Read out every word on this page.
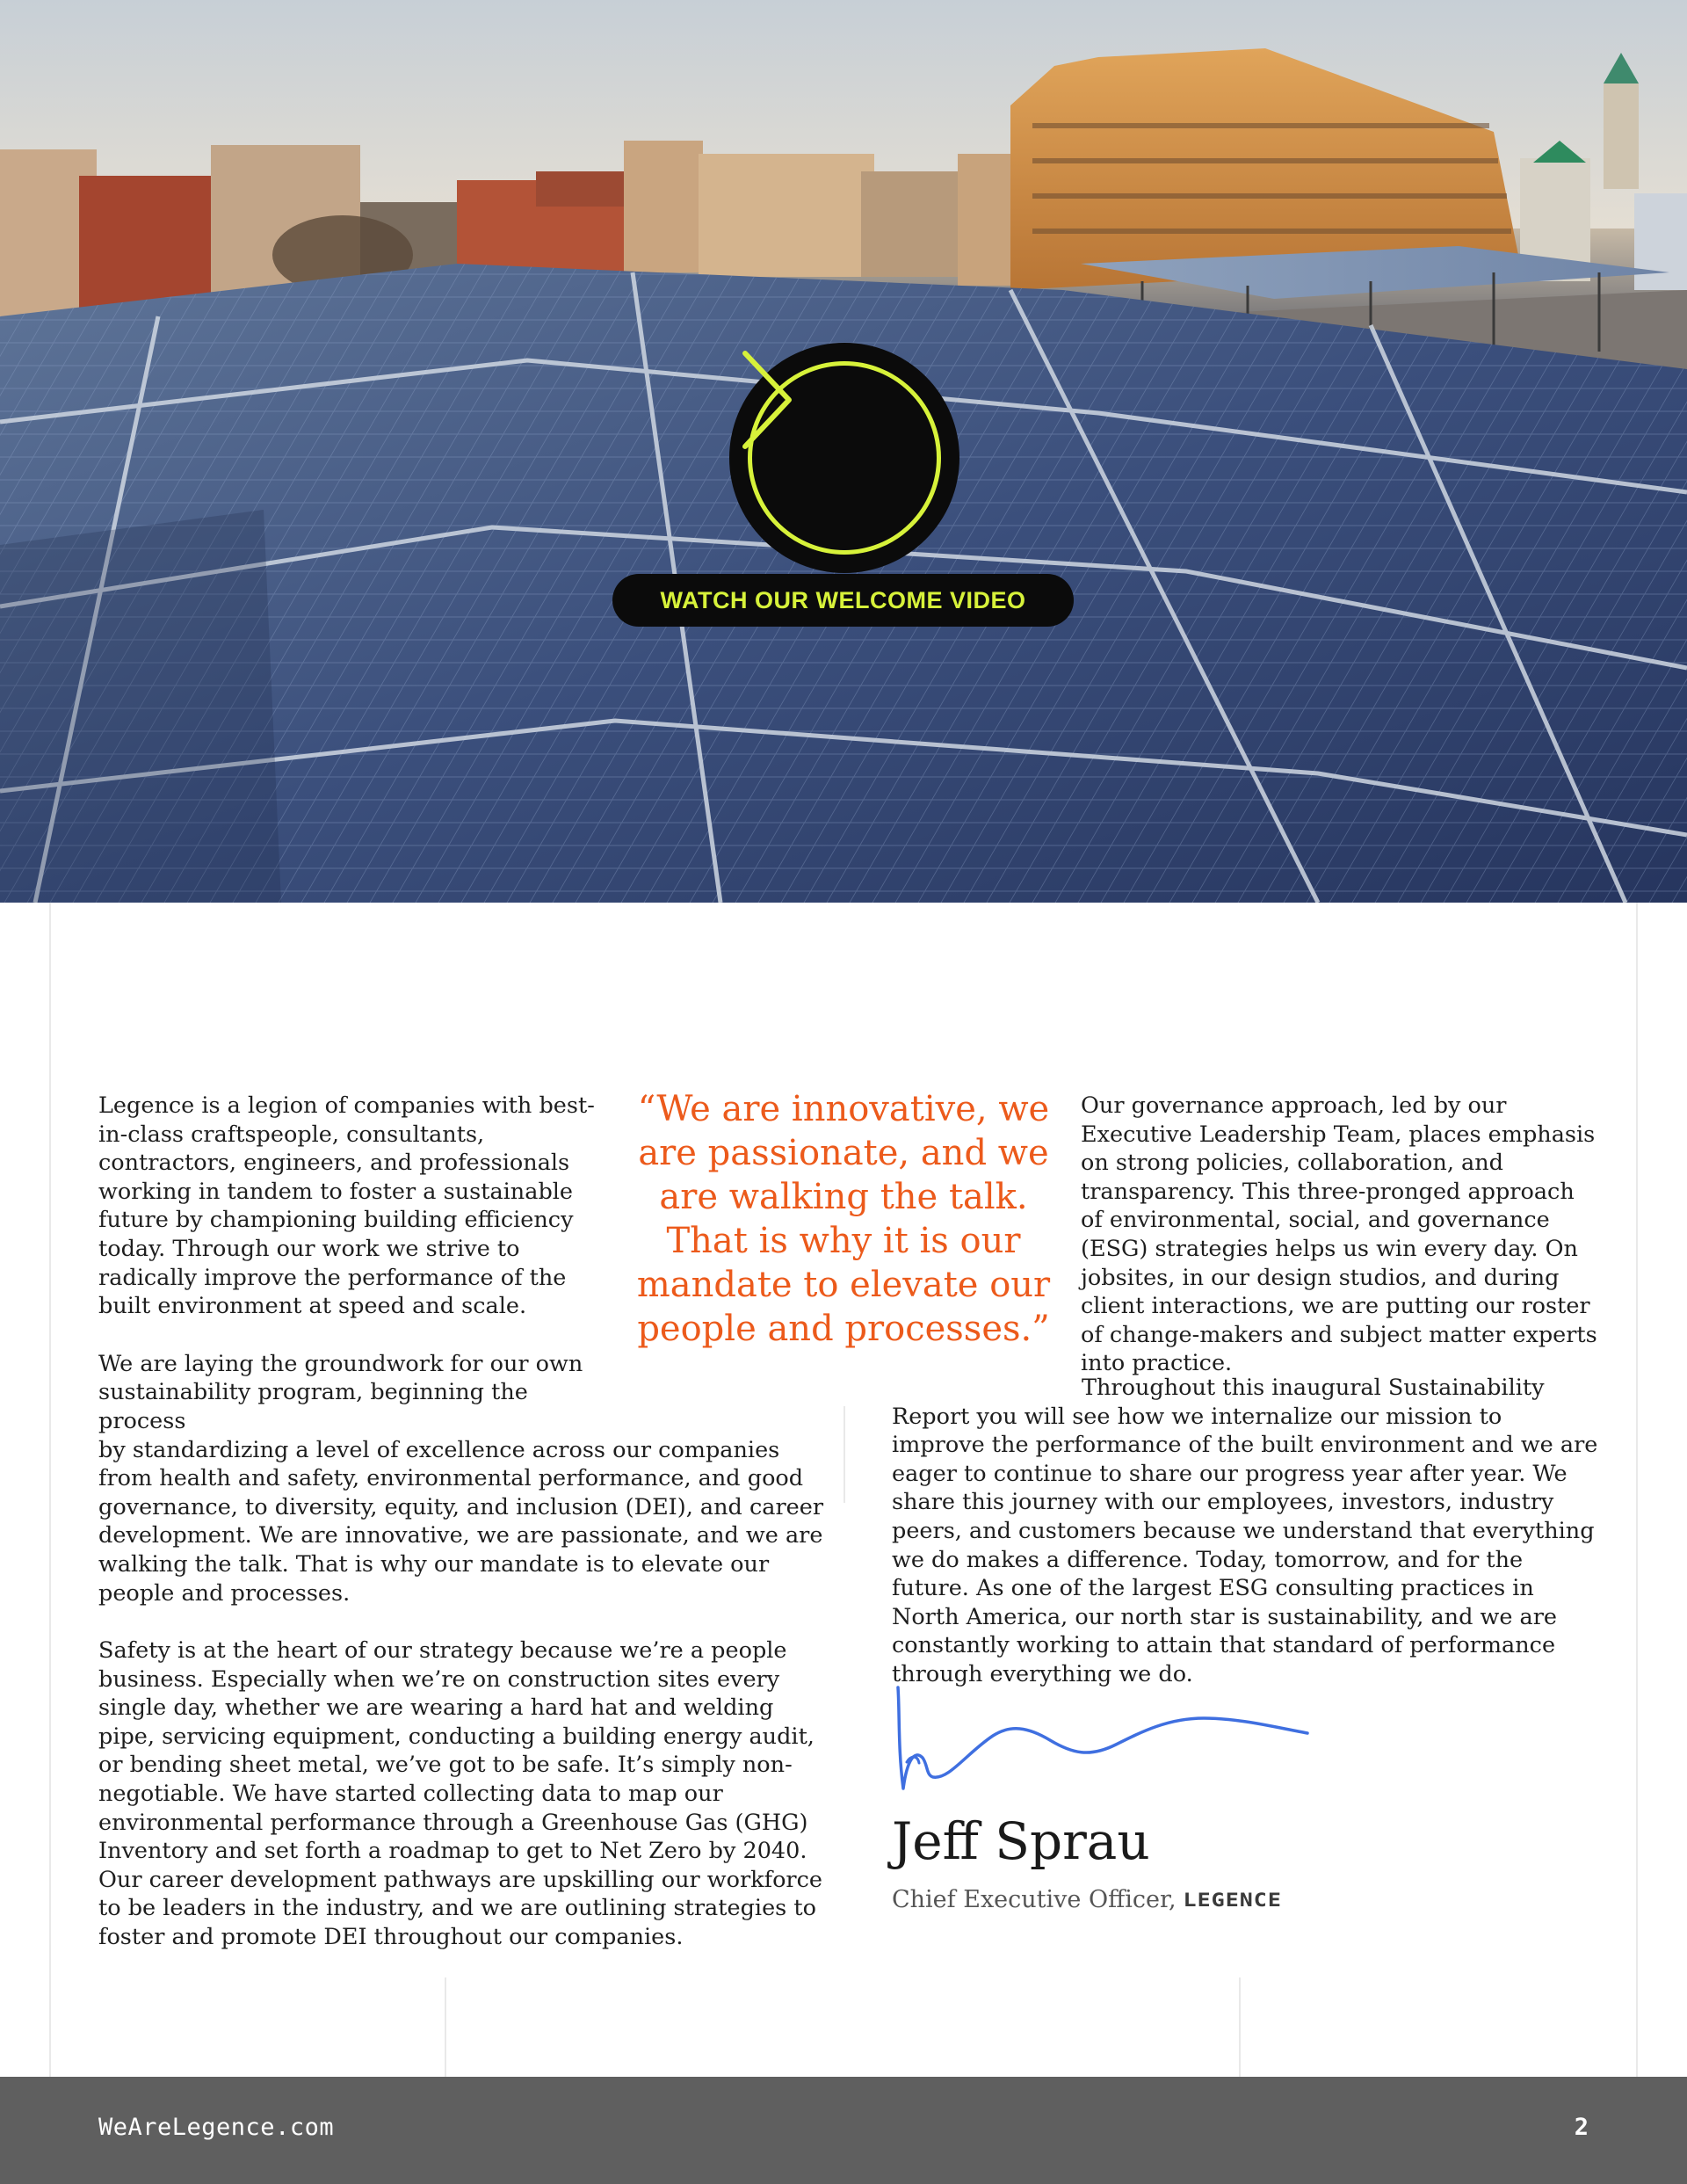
WATCH OUR WELCOME VIDEO

Legence is a legion of companies with best-in-class craftspeople, consultants, contractors, engineers, and professionals working in tandem to foster a sustainable future by championing building efficiency today. Through our work we strive to radically improve the performance of the built environment at speed and scale.

We are laying the groundwork for our own sustainability program, beginning the process

by standardizing a level of excellence across our companies from health and safety, environmental performance, and good governance, to diversity, equity, and inclusion (DEI), and career development. We are innovative, we are passionate, and we are walking the talk. That is why our mandate is to elevate our people and processes.

Safety is at the heart of our strategy because we’re a people business. Especially when we’re on construction sites every single day, whether we are wearing a hard hat and welding pipe, servicing equipment, conducting a building energy audit, or bending sheet metal, we’ve got to be safe. It’s simply non-negotiable. We have started collecting data to map our environmental performance through a Greenhouse Gas (GHG) Inventory and set forth a roadmap to get to Net Zero by 2040. Our career development pathways are upskilling our workforce to be leaders in the industry, and we are outlining strategies to foster and promote DEI throughout our companies.

“We are innovative, we are passionate, and we are walking the talk. That is why it is our mandate to elevate our people and processes.”

Our governance approach, led by our Executive Leadership Team, places emphasis on strong policies, collaboration, and transparency. This three-pronged approach of environmental, social, and governance (ESG) strategies helps us win every day. On jobsites, in our design studios, and during client interactions, we are putting our roster of change-makers and subject matter experts into practice.

Throughout this inaugural Sustainability

Report you will see how we internalize our mission to improve the performance of the built environment and we are eager to continue to share our progress year after year. We share this journey with our employees, investors, industry peers, and customers because we understand that everything we do makes a difference. Today, tomorrow, and for the future. As one of the largest ESG consulting practices in North America, our north star is sustainability, and we are constantly working to attain that standard of performance through everything we do.

Jeff Sprau
Chief Executive Officer, LEGENCE
WeAreLegence.com	2
